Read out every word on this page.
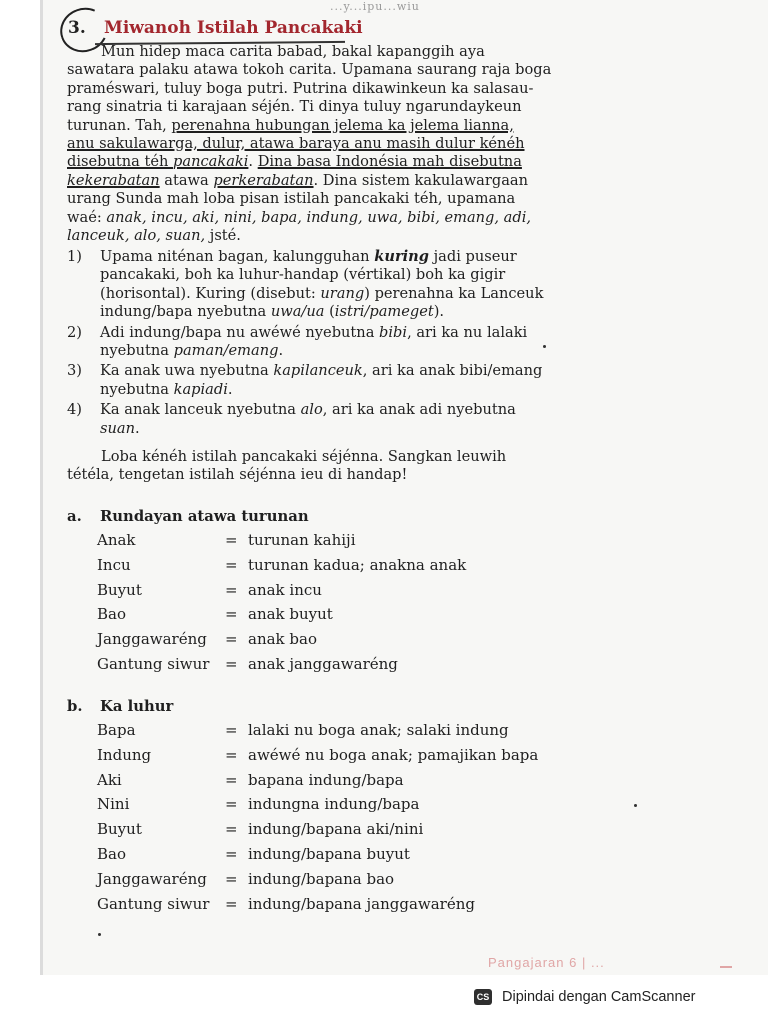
...y...ipu...wiu
3. Miwanoh Istilah Pancakaki
Mun hidep maca carita babad, bakal kapanggih aya
sawatara palaku atawa tokoh carita. Upamana saurang raja boga
praméswari, tuluy boga putri. Putrina dikawinkeun ka salasau-
rang sinatria ti karajaan séjén. Ti dinya tuluy ngarundaykeun
turunan. Tah, perenahna hubungan jelema ka jelema lianna,
anu sakulawarga, dulur, atawa baraya anu masih dulur kénéh
disebutna téh pancakaki. Dina basa Indonésia mah disebutna
kekerabatan atawa perkerabatan. Dina sistem kakulawargaan
urang Sunda mah loba pisan istilah pancakaki téh, upamana
waé: anak, incu, aki, nini, bapa, indung, uwa, bibi, emang, adi,
lanceuk, alo, suan, jsté.
1) Upama niténan bagan, kalungguhan kuring jadi puseur pancakaki, boh ka luhur-handap (vértikal) boh ka gigir (horisontal). Kuring (disebut: urang) perenahna ka Lanceuk indung/bapa nyebutna uwa/ua (istri/pameget).
2) Adi indung/bapa nu awéwé nyebutna bibi, ari ka nu lalaki nyebutna paman/emang.
3) Ka anak uwa nyebutna kapilanceuk, ari ka anak bibi/emang nyebutna kapiadi.
4) Ka anak lanceuk nyebutna alo, ari ka anak adi nyebutna suan.
Loba kénéh istilah pancakaki séjénna. Sangkan leuwih
tétéla, tengetan istilah séjénna ieu di handap!
a. Rundayan atawa turunan
Anak	= turunan kahiji
Incu	= turunan kadua; anakna anak
Buyut	= anak incu
Bao	= anak buyut
Janggawaréng = anak bao
Gantung siwur = anak janggawaréng
b. Ka luhur
Bapa	= lalaki nu boga anak; salaki indung
Indung	= awéwé nu boga anak; pamajikan bapa
Aki	= bapana indung/bapa
Nini	= indungna indung/bapa
Buyut	= indung/bapana aki/nini
Bao	= indung/bapana buyut
Janggawaréng = indung/bapana bao
Gantung siwur = indung/bapana janggawaréng
Pangajaran 6 | ...
CS Dipindai dengan CamScanner
